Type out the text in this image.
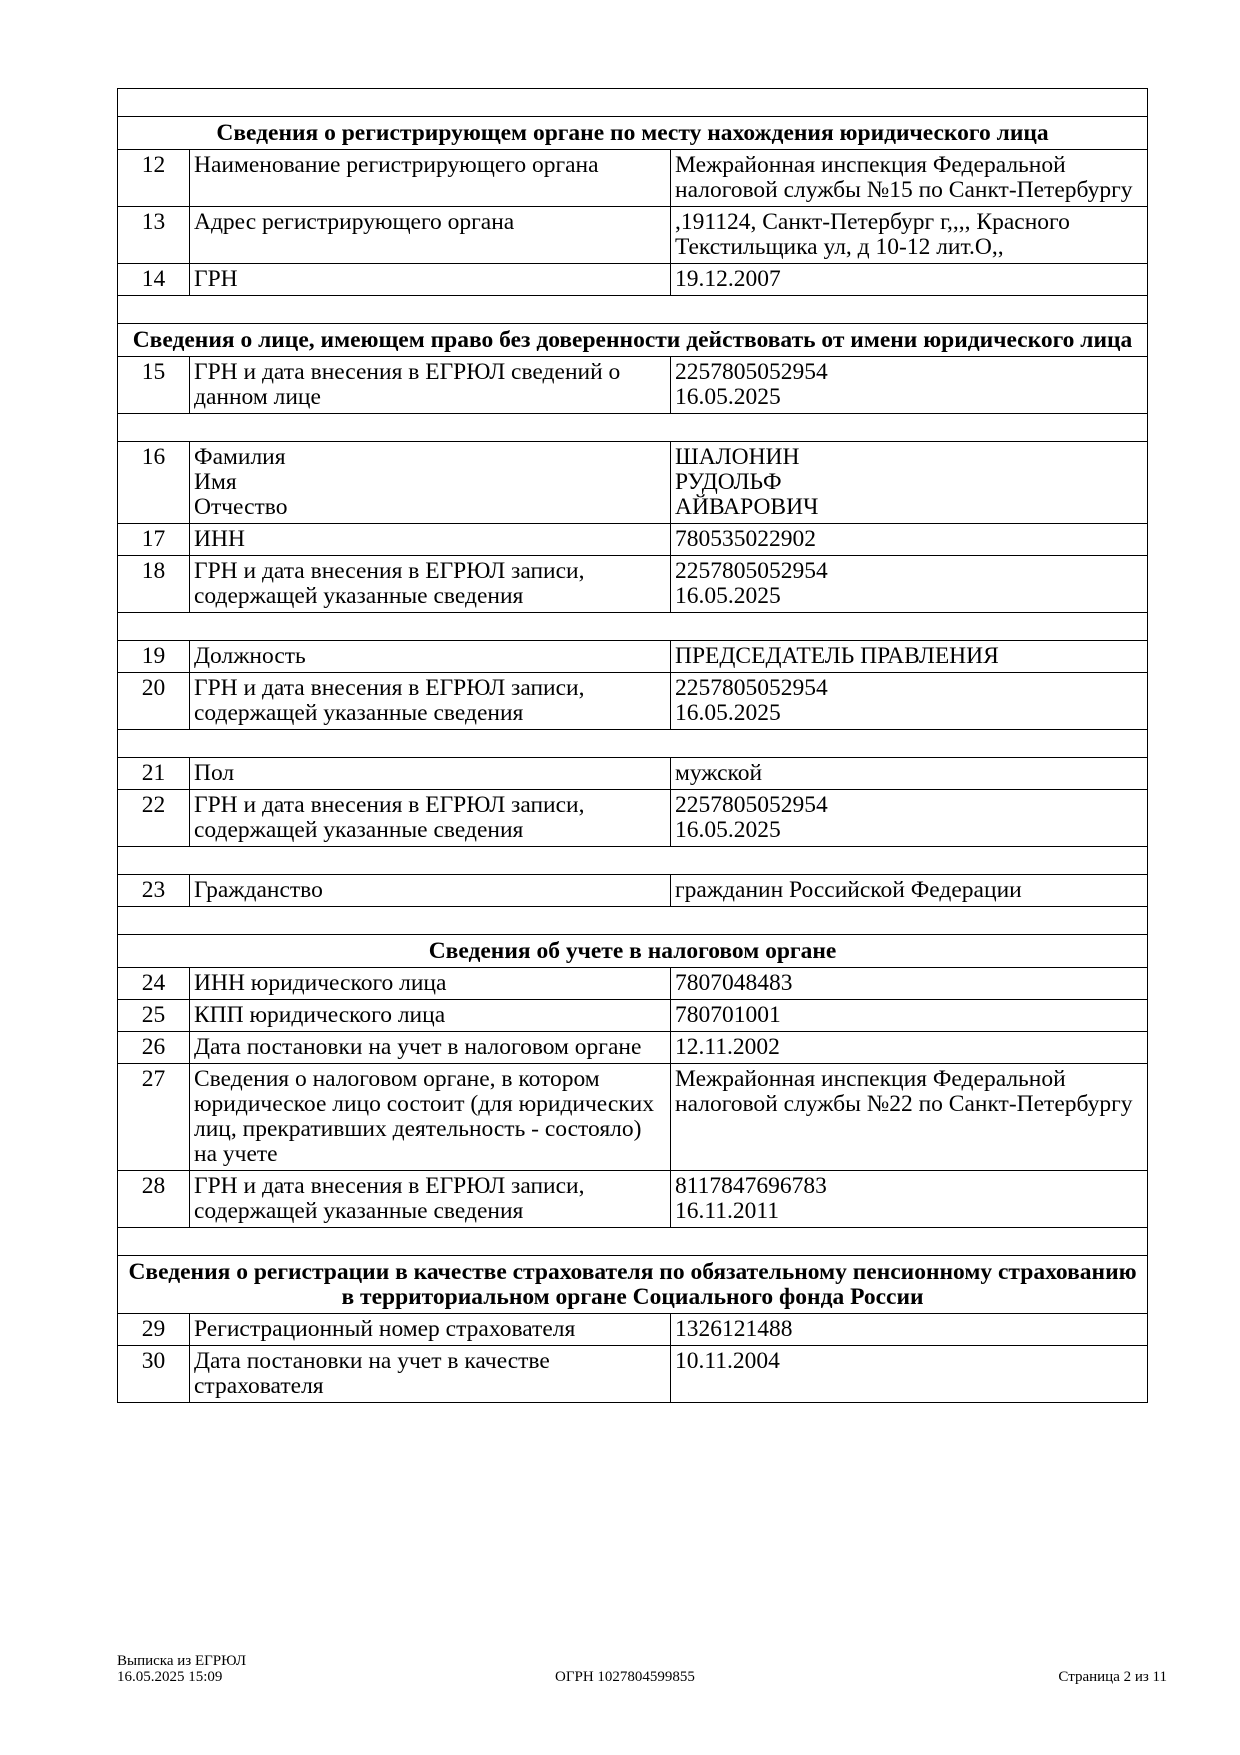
Сведения о регистрирующем органе по месту нахождения юридического лица		
12	Наименование регистрирующего органа	Межрайонная инспекция Федеральной налоговой службы №15 по Санкт-Петербургу
13	Адрес регистрирующего органа	,191124, Санкт-Петербург г,,,, Красного Текстильщика ул, д 10-12 лит.О,,
14	ГРН	19.12.2007

Сведения о лице, имеющем право без доверенности действовать от имени юридического лица		
15	ГРН и дата внесения в ЕГРЮЛ сведений о данном лице	2257805052954
16.05.2025

16	Фамилия
Имя
Отчество	ШАЛОНИН
РУДОЛЬФ
АЙВАРОВИЧ

17	ИНН	780535022902
18	ГРН и дата внесения в ЕГРЮЛ записи, содержащей указанные сведения	2257805052954
16.05.2025

19	Должность	ПРЕДСЕДАТЕЛЬ ПРАВЛЕНИЯ
20	ГРН и дата внесения в ЕГРЮЛ записи, содержащей указанные сведения	2257805052954
16.05.2025

21	Пол	мужской
22	ГРН и дата внесения в ЕГРЮЛ записи, содержащей указанные сведения	2257805052954
16.05.2025

23	Гражданство	гражданин Российской Федерации

Сведения об учете в налоговом органе		
24	ИНН юридического лица	7807048483
25	КПП юридического лица	780701001
26	Дата постановки на учет в налоговом органе	12.11.2002
27	Сведения о налоговом органе, в котором юридическое лицо состоит (для юридических лиц, прекративших деятельность - состояло) на учете	Межрайонная инспекция Федеральной налоговой службы №22 по Санкт-Петербургу
28	ГРН и дата внесения в ЕГРЮЛ записи, содержащей указанные сведения	8117847696783
16.11.2011

Сведения о регистрации в качестве страхователя по обязательному пенсионному страхованию в территориальном органе Социального фонда России		
29	Регистрационный номер страхователя	1326121488
30	Дата постановки на учет в качестве страхователя	10.11.2004
Выписка из ЕГРЮЛ
16.05.2025 15:09	ОГРН 1027804599855	Страница 2 из 11
